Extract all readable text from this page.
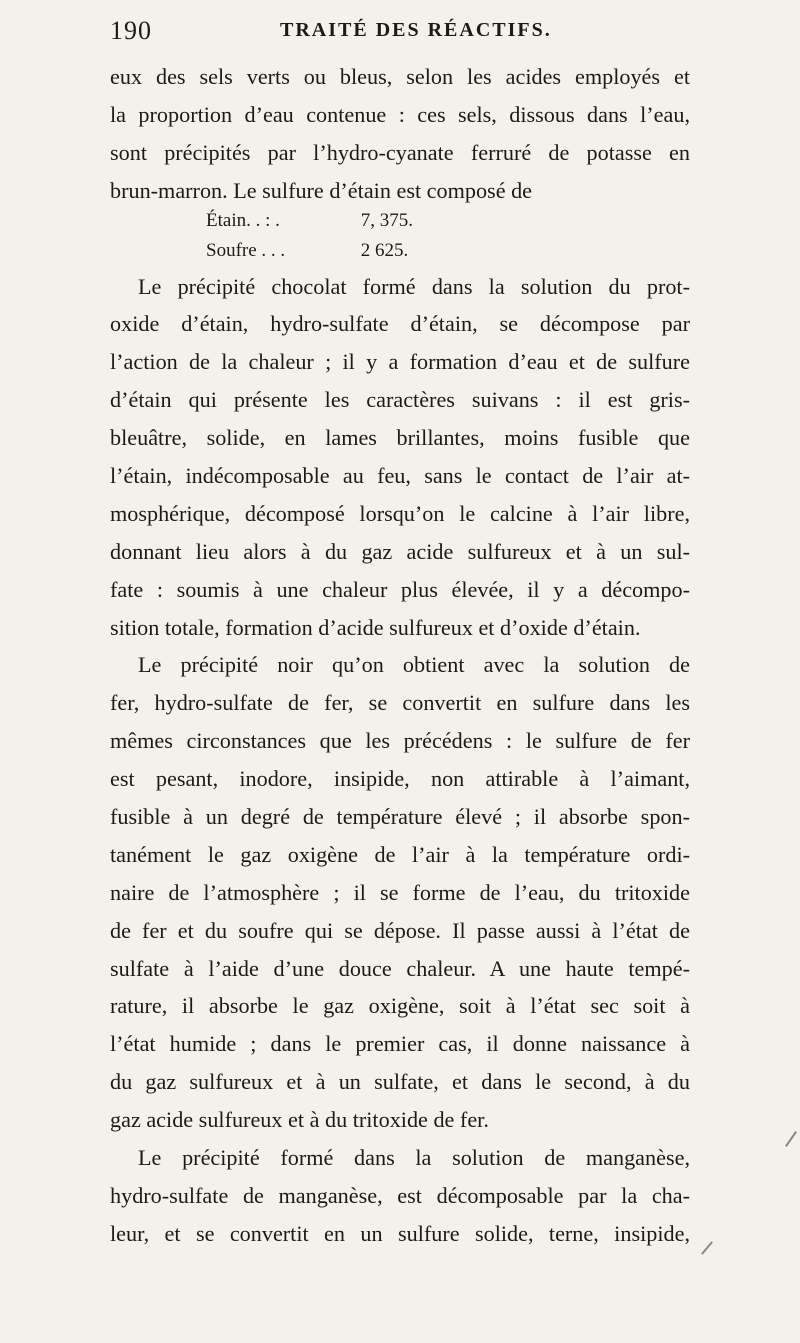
190	TRAITÉ DES RÉACTIFS.
eux des sels verts ou bleus, selon les acides employés et
la proportion d’eau contenue : ces sels, dissous dans l’eau,
sont précipités par l’hydro-cyanate ferruré de potasse en
brun-marron. Le sulfure d’étain est composé de
Étain. . : .	7, 375.
Soufre . . .	2 625.
Le précipité chocolat formé dans la solution du prot-
oxide d’étain, hydro-sulfate d’étain, se décompose par
l’action de la chaleur ; il y a formation d’eau et de sulfure
d’étain qui présente les caractères suivans : il est gris-
bleuâtre, solide, en lames brillantes, moins fusible que
l’étain, indécomposable au feu, sans le contact de l’air at-
mosphérique, décomposé lorsqu’on le calcine à l’air libre,
donnant lieu alors à du gaz acide sulfureux et à un sul-
fate : soumis à une chaleur plus élevée, il y a décompo-
sition totale, formation d’acide sulfureux et d’oxide d’étain.
Le précipité noir qu’on obtient avec la solution de
fer, hydro-sulfate de fer, se convertit en sulfure dans les
mêmes circonstances que les précédens : le sulfure de fer
est pesant, inodore, insipide, non attirable à l’aimant,
fusible à un degré de température élevé ; il absorbe spon-
tanément le gaz oxigène de l’air à la température ordi-
naire de l’atmosphère ; il se forme de l’eau, du tritoxide
de fer et du soufre qui se dépose. Il passe aussi à l’état de
sulfate à l’aide d’une douce chaleur. A une haute tempé-
rature, il absorbe le gaz oxigène, soit à l’état sec soit à
l’état humide ; dans le premier cas, il donne naissance à
du gaz sulfureux et à un sulfate, et dans le second, à du
gaz acide sulfureux et à du tritoxide de fer.
Le précipité formé dans la solution de manganèse,
hydro-sulfate de manganèse, est décomposable par la cha-
leur, et se convertit en un sulfure solide, terne, insipide,
